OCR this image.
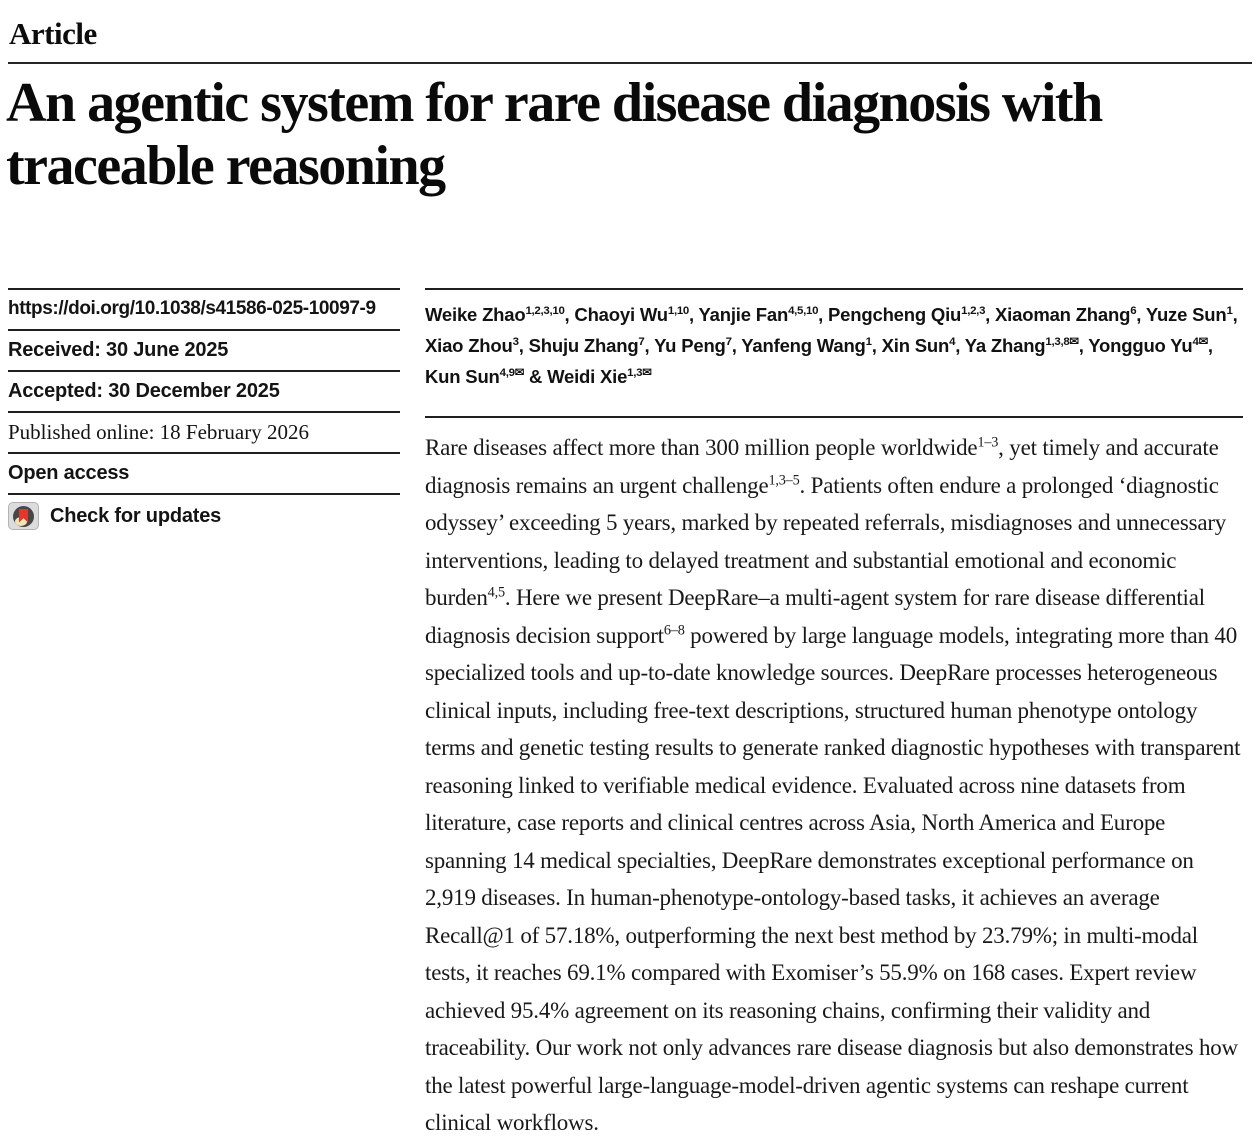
Article
An agentic system for rare disease diagnosis with traceable reasoning
https://doi.org/10.1038/s41586-025-10097-9
Received: 30 June 2025
Accepted: 30 December 2025
Published online: 18 February 2026
Open access
Check for updates
Weike Zhao$^{1,2,3,10}$, Chaoyi Wu$^{1,10}$, Yanjie Fan$^{4,5,10}$, Pengcheng Qiu$^{1,2,3}$, Xiaoman Zhang$^6$, Yuze Sun$^1$, Xiao Zhou$^3$, Shuju Zhang$^7$, Yu Peng$^7$, Yanfeng Wang$^1$, Xin Sun$^4$, Ya Zhang$^{1,3,8✉}$, Yongguo $Yu^{4✉}$, Kun Sun$^{4,9✉}$ & Weidi Xie$^{1,3✉}$

Rare diseases affect more than 300 million people worldwide$^{1-3}$, yet timely and accurate diagnosis remains an urgent challenge$^{1,3-5}$. Patients often endure a prolonged ‘diagnostic odyssey’ exceeding 5 years, marked by repeated referrals, misdiagnoses and unnecessary interventions, leading to delayed treatment and substantial emotional and economic burden$^{4,5}$. Here we present DeepRare–a multi-agent system for rare disease differential diagnosis decision support$^{6-8}$ powered by large language models, integrating more than 40 specialized tools and up-to-date knowledge sources. DeepRare processes heterogeneous clinical inputs, including free-text descriptions, structured human phenotype ontology terms and genetic testing results to generate ranked diagnostic hypotheses with transparent reasoning linked to verifiable medical evidence. Evaluated across nine datasets from literature, case reports and clinical centres across Asia, North America and Europe spanning 14 medical specialties, DeepRare demonstrates exceptional performance on 2,919 diseases. In human-phenotype-ontology-based tasks, it achieves an average Recall@1 of 57.18%, outperforming the next best method by 23.79%; in multi-modal tests, it reaches 69.1% compared with Exomiser’s 55.9% on 168 cases. Expert review achieved 95.4% agreement on its reasoning chains, confirming their validity and traceability. Our work not only advances rare disease diagnosis but also demonstrates how the latest powerful large-language-model-driven agentic systems can reshape current clinical workflows.
